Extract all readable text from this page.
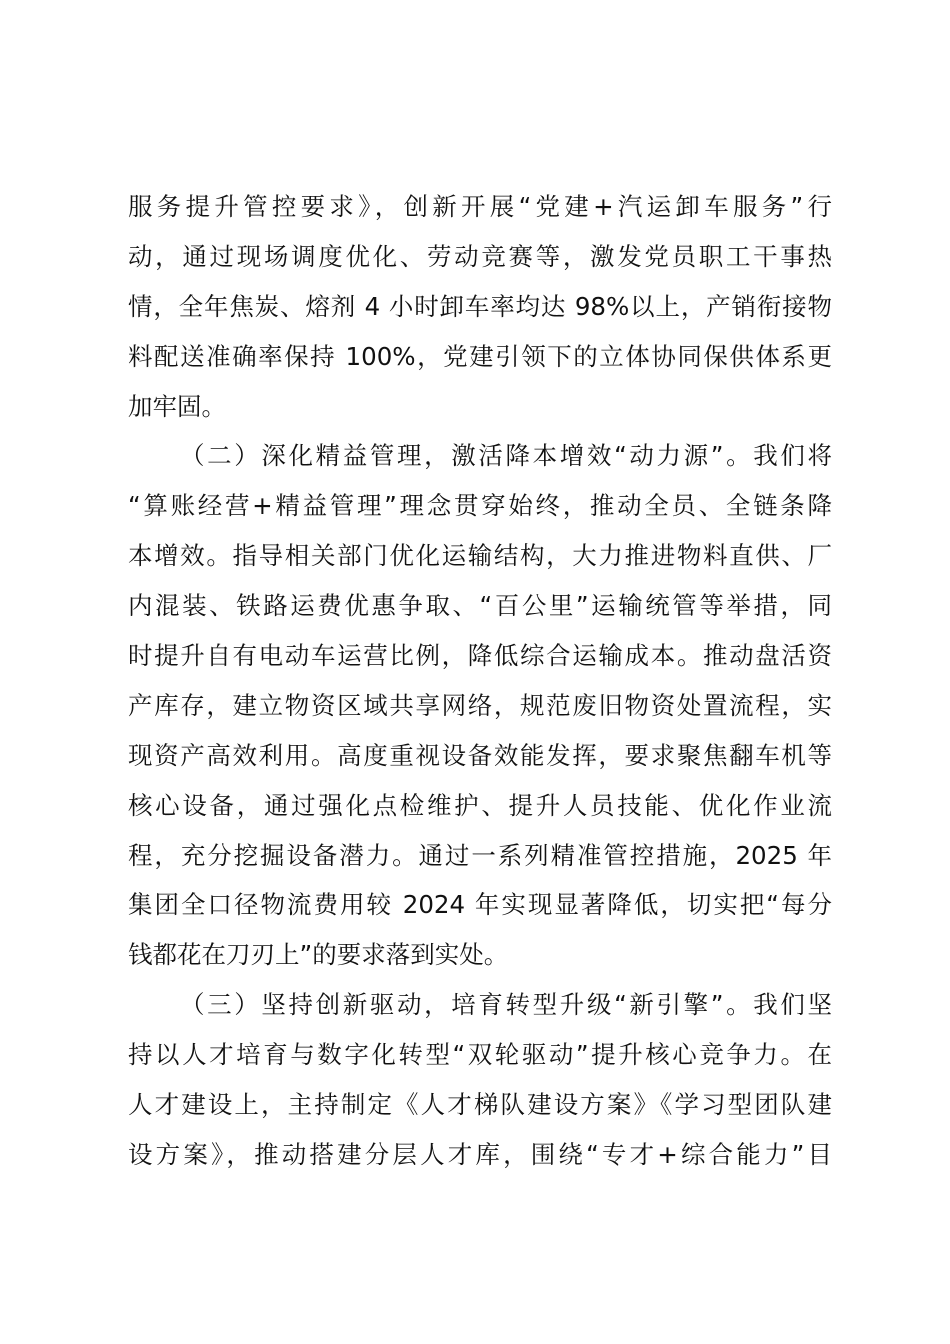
服务提升管控要求》，创新开展“党建+汽运卸车服务”行
动，通过现场调度优化、劳动竞赛等，激发党员职工干事热
情，全年焦炭、熔剂 4 小时卸车率均达 98%以上，产销衔接物
料配送准确率保持 100%，党建引领下的立体协同保供体系更
加牢固。
（二）深化精益管理，激活降本增效“动力源”。我们将
“算账经营+精益管理”理念贯穿始终，推动全员、全链条降
本增效。指导相关部门优化运输结构，大力推进物料直供、厂
内混装、铁路运费优惠争取、“百公里”运输统管等举措，同
时提升自有电动车运营比例，降低综合运输成本。推动盘活资
产库存，建立物资区域共享网络，规范废旧物资处置流程，实
现资产高效利用。高度重视设备效能发挥，要求聚焦翻车机等
核心设备，通过强化点检维护、提升人员技能、优化作业流
程，充分挖掘设备潜力。通过一系列精准管控措施，2025 年
集团全口径物流费用较 2024 年实现显著降低，切实把“每分
钱都花在刀刃上”的要求落到实处。
（三）坚持创新驱动，培育转型升级“新引擎”。我们坚
持以人才培育与数字化转型“双轮驱动”提升核心竞争力。在
人才建设上，主持制定《人才梯队建设方案》《学习型团队建
设方案》，推动搭建分层人才库，围绕“专才+综合能力”目
